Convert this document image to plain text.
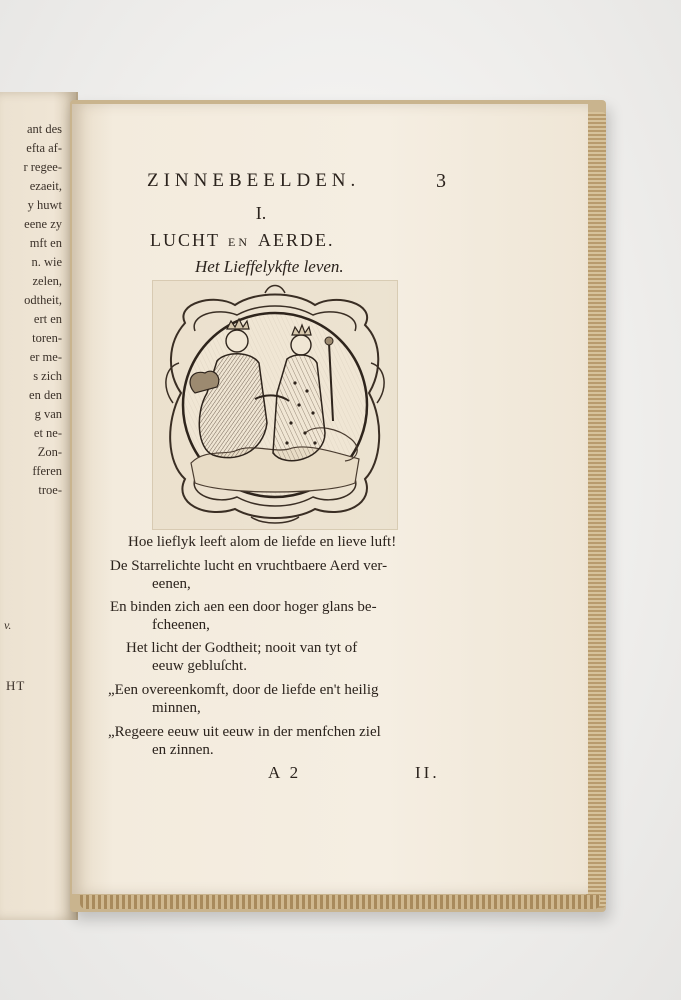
ant des
efta af-
r regee-
ezaeit,
y huwt
eene zy
mft en
n. wie
zelen,
odtheit,
ert en
toren-
er me-
s zich
en den
g van
et ne-
Zon-
fferen
troe-
v.
HT
ZINNEBEELDEN.	3
I.
LUCHT EN AERDE.
Het Lieffelykfte leven.
Hoe lieflyk leeft alom de liefde en lieve luft!
De Starrelichte lucht en vruchtbaere Aerd ver-
eenen,
En binden zich aen een door hoger glans be-
fcheenen,
Het licht der Godtheit; nooit van tyt of
eeuw gebluſcht.
„Een overeenkomft, door de liefde en't heilig
minnen,
„Regeere eeuw uit eeuw in der menfchen ziel
en zinnen.
A 2	II.
